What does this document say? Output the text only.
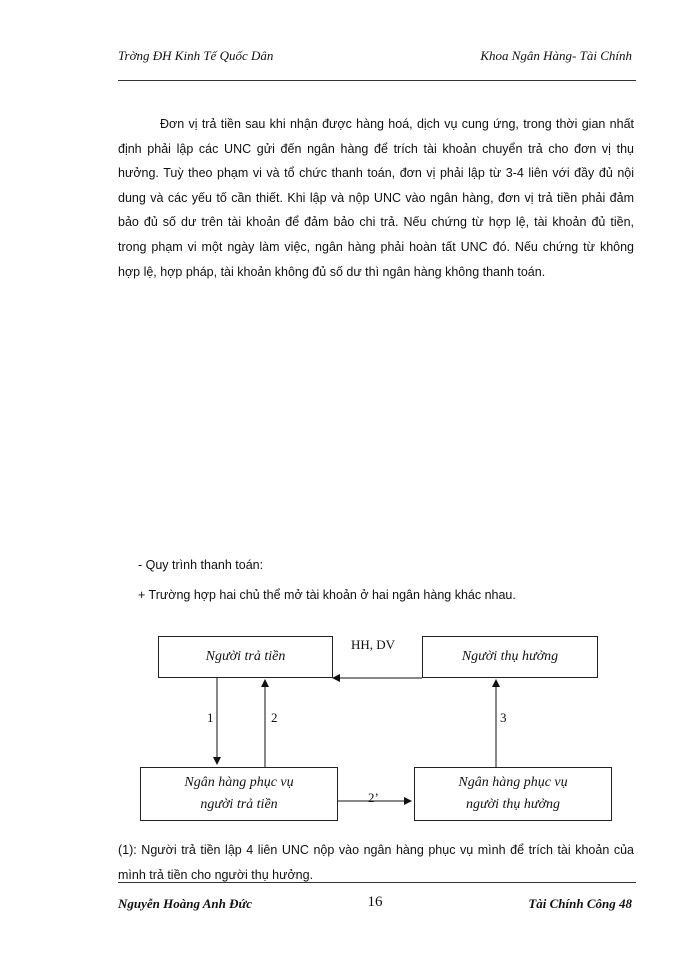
Trờng ĐH Kinh Tế Quốc Dân	Khoa Ngân Hàng- Tài Chính

Đơn vị trả tiền sau khi nhận được hàng hoá, dịch vụ cung ứng, trong thời gian nhất định phải lập các UNC gửi đến ngân hàng để trích tài khoản chuyển trả cho đơn vị thụ hưởng. Tuỳ theo phạm vi và tổ chức thanh toán, đơn vị phải lập từ 3-4 liên với đầy đủ nội dung và các yếu tố cần thiết. Khi lập và nộp UNC vào ngân hàng, đơn vị trả tiền phải đảm bảo đủ số dư trên tài khoản để đảm bảo chi trả. Nếu chứng từ hợp lệ, tài khoản đủ tiền, trong phạm vi một ngày làm việc, ngân hàng phải hoàn tất UNC đó. Nếu chứng từ không hợp lệ, hợp pháp, tài khoản không đủ số dư thì ngân hàng không thanh toán.

- Quy trình thanh toán:
+ Trường hợp hai chủ thể mở tài khoản ở hai ngân hàng khác nhau.
Người trả tiền	Người thụ hưởng
Ngân hàng phục vụ
người trả tiền
Ngân hàng phục vụ
người thụ hưởng
HH, DV
1	2
2’
3
(1): Người trả tiền lập 4 liên UNC nộp vào ngân hàng phục vụ mình để trích tài khoản của mình trả tiền cho người thụ hưởng.
Nguyễn Hoàng Anh Đức	16	Tài Chính Công 48
